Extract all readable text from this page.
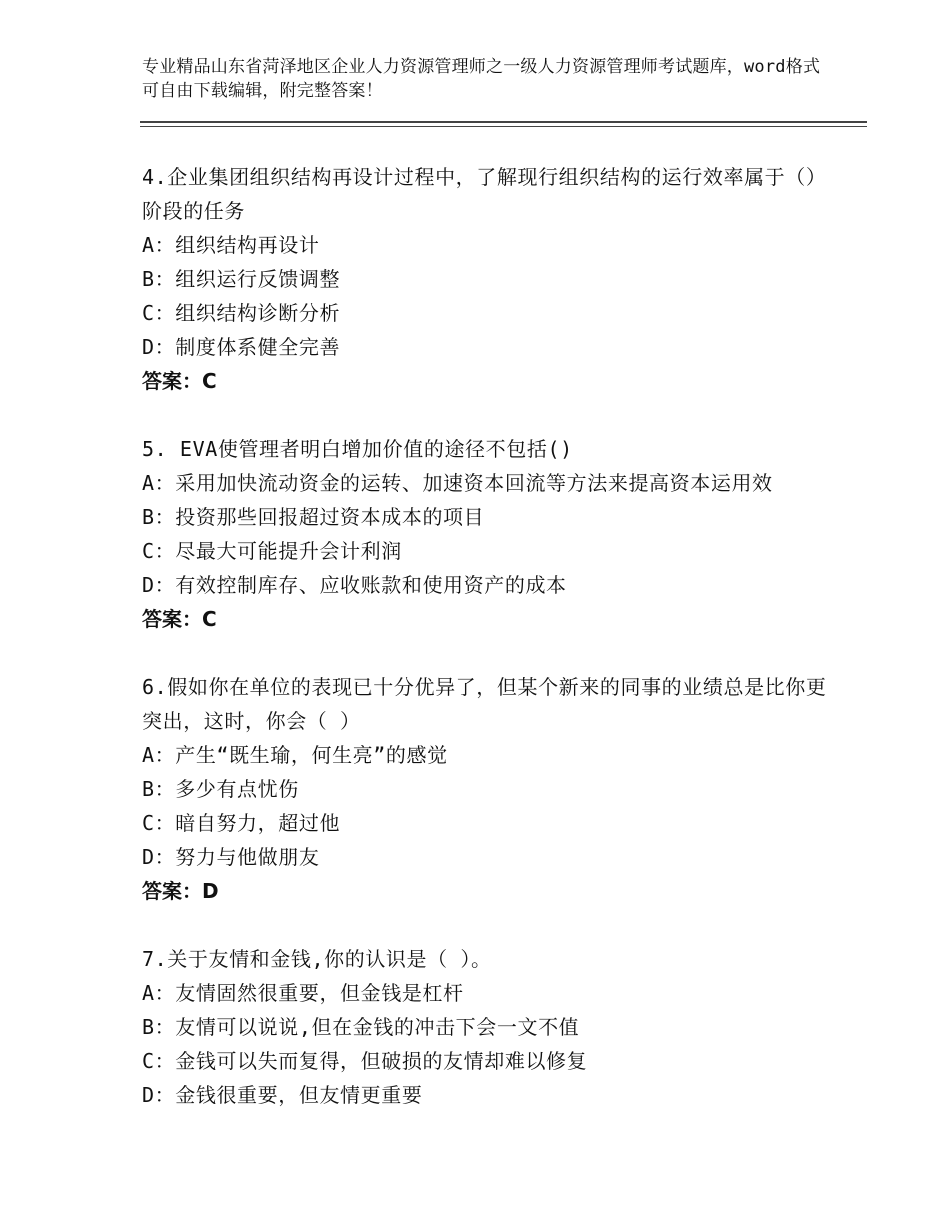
专业精品山东省菏泽地区企业人力资源管理师之一级人力资源管理师考试题库，word格式可自由下载编辑，附完整答案！

4.企业集团组织结构再设计过程中，了解现行组织结构的运行效率属于（）阶段的任务

A：组织结构再设计

B：组织运行反馈调整

C：组织结构诊断分析

D：制度体系健全完善

答案：C

5. EVA使管理者明白增加价值的途径不包括()

A：采用加快流动资金的运转、加速资本回流等方法来提高资本运用效

B：投资那些回报超过资本成本的项目

C：尽最大可能提升会计利润

D：有效控制库存、应收账款和使用资产的成本

答案：C

6.假如你在单位的表现已十分优异了，但某个新来的同事的业绩总是比你更突出，这时，你会（ ）

A：产生“既生瑜，何生亮”的感觉

B：多少有点忧伤

C：暗自努力，超过他

D：努力与他做朋友

答案：D

7.关于友情和金钱,你的认识是（ ）。

A：友情固然很重要，但金钱是杠杆

B：友情可以说说,但在金钱的冲击下会一文不值

C：金钱可以失而复得，但破损的友情却难以修复

D：金钱很重要，但友情更重要
